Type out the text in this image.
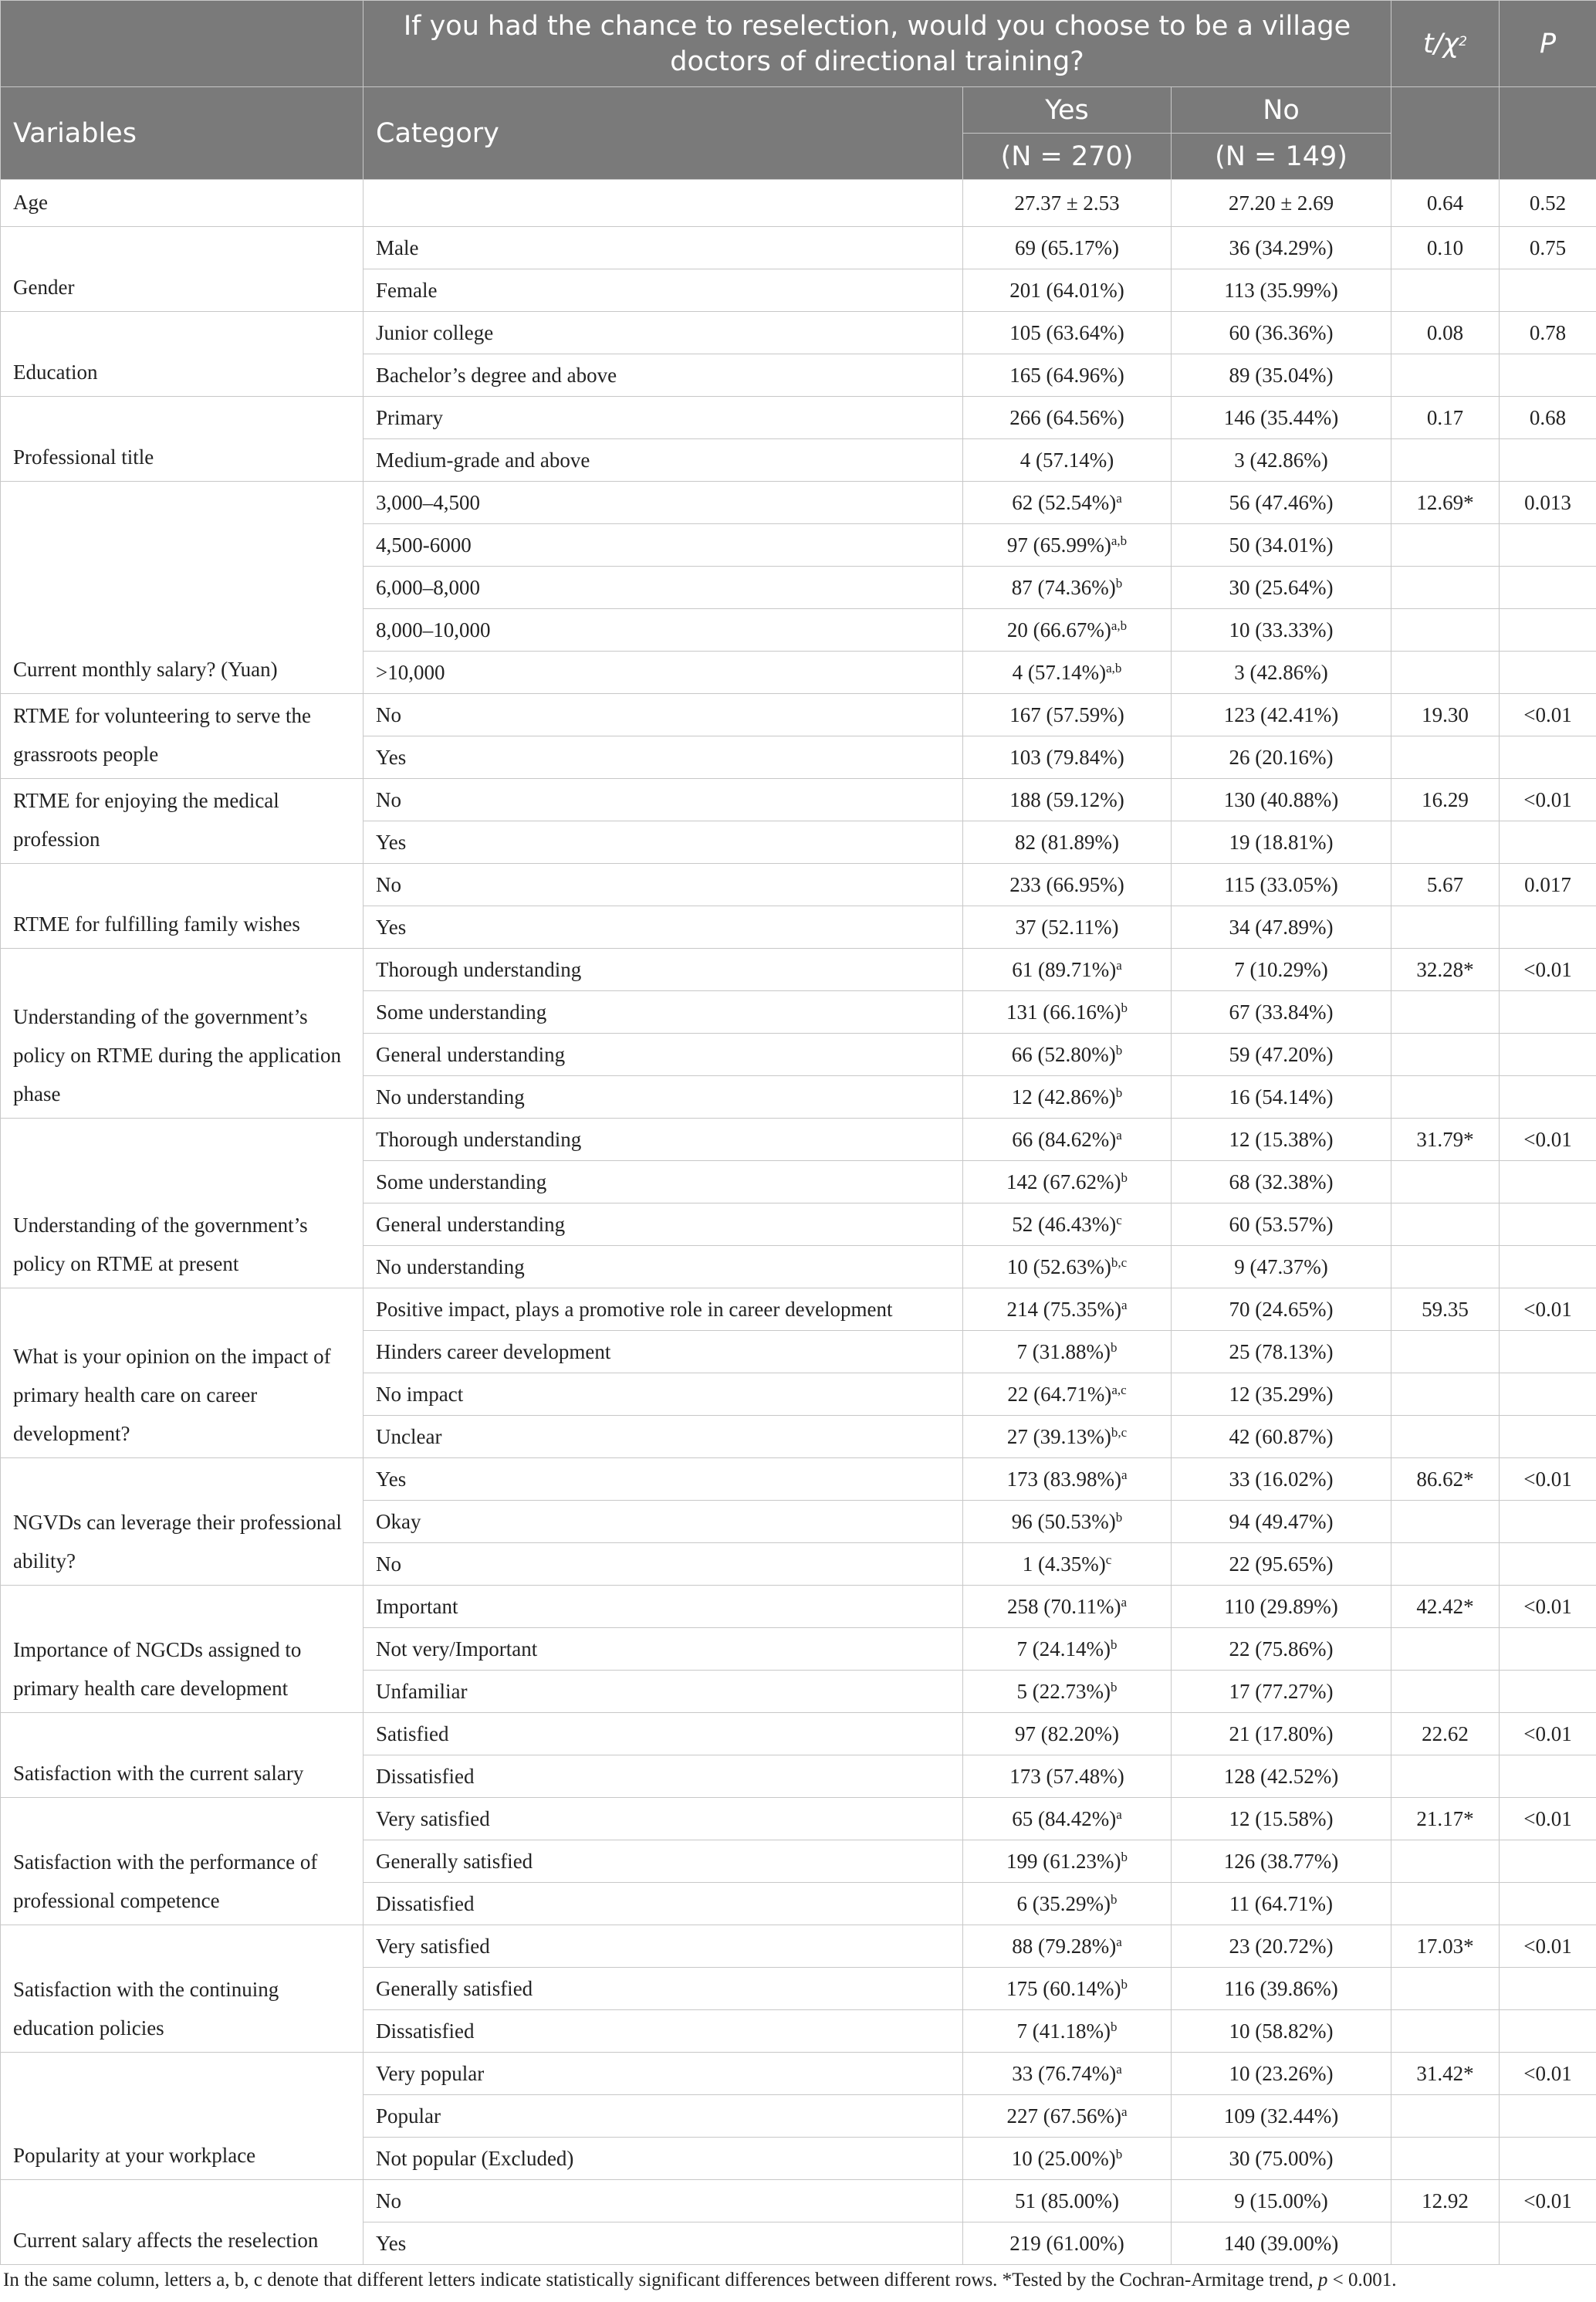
	If you had the chance to reselection, would you choose to be a village doctors of directional training?			$t/\chi^2$	P
Variables	Category	Yes	No		
		(N = 270)	(N = 149)		
Age		27.37 ± 2.53	27.20 ± 2.69	0.64	0.52
Gender	Male	69 (65.17%)	36 (34.29%)	0.10	0.75
	Female	201 (64.01%)	113 (35.99%)		
Education	Junior college	105 (63.64%)	60 (36.36%)	0.08	0.78
	Bachelor’s degree and above	165 (64.96%)	89 (35.04%)		
Professional title	Primary	266 (64.56%)	146 (35.44%)	0.17	0.68
	Medium-grade and above	4 (57.14%)	3 (42.86%)		
Current monthly salary? (Yuan)	3,000–4,500	62 $(52.54\%)^a$	56 (47.46%)	12.69*	0.013
	4,500-6000	97 $(65.99\%)^{a,b}$	50 (34.01%)		
	6,000–8,000	87 $(74.36\%)^b$	30 (25.64%)		
	8,000–10,000	20 $(66.67\%)^{a,b}$	10 (33.33%)		
	>10,000	4 $(57.14\%)^{a,b}$	3 (42.86%)		
RTME for volunteering to serve the grassroots people	No	167 (57.59%)	123 (42.41%)	19.30	<0.01
	Yes	103 (79.84%)	26 (20.16%)		
RTME for enjoying the medical profession	No	188 (59.12%)	130 (40.88%)	16.29	<0.01
	Yes	82 (81.89%)	19 (18.81%)		
RTME for fulfilling family wishes	No	233 (66.95%)	115 (33.05%)	5.67	0.017
	Yes	37 (52.11%)	34 (47.89%)		
Understanding of the government’s policy on RTME during the application phase	Thorough understanding	61 $(89.71\%)^a$	7 (10.29%)	32.28*	<0.01
	Some understanding	131 $(66.16\%)^b$	67 (33.84%)		
	General understanding	66 $(52.80\%)^b$	59 (47.20%)		
	No understanding	12 $(42.86\%)^b$	16 (54.14%)		
Understanding of the government’s policy on RTME at present	Thorough understanding	66 $(84.62\%)^a$	12 (15.38%)	31.79*	<0.01
	Some understanding	142 $(67.62\%)^b$	68 (32.38%)		
	General understanding	52 $(46.43\%)^c$	60 (53.57%)		
	No understanding	10 $(52.63\%)^{b,c}$	9 (47.37%)		
What is your opinion on the impact of primary health care on career development?	Positive impact, plays a promotive role in career development	214 $(75.35\%)^a$	70 (24.65%)	59.35	<0.01
	Hinders career development	7 $(31.88\%)^b$	25 (78.13%)		
	No impact	22 $(64.71\%)^{a,c}$	12 (35.29%)		
	Unclear	27 $(39.13\%)^{b,c}$	42 (60.87%)		
NGVDs can leverage their professional ability?	Yes	173 $(83.98\%)^a$	33 (16.02%)	86.62*	<0.01
	Okay	96 $(50.53\%)^b$	94 (49.47%)		
	No	1 $(4.35\%)^c$	22 (95.65%)		
Importance of NGCDs assigned to primary health care development	Important	258 $(70.11\%)^a$	110 (29.89%)	42.42*	<0.01
	Not very/Important	7 $(24.14\%)^b$	22 (75.86%)		
	Unfamiliar	5 $(22.73\%)^b$	17 (77.27%)		
Satisfaction with the current salary	Satisfied	97 (82.20%)	21 (17.80%)	22.62	<0.01
	Dissatisfied	173 (57.48%)	128 (42.52%)		
Satisfaction with the performance of professional competence	Very satisfied	65 $(84.42\%)^a$	12 (15.58%)	21.17*	<0.01
	Generally satisfied	199 $(61.23\%)^b$	126 (38.77%)		
	Dissatisfied	6 $(35.29\%)^b$	11 (64.71%)		
Satisfaction with the continuing education policies	Very satisfied	88 $(79.28\%)^a$	23 (20.72%)	17.03*	<0.01
	Generally satisfied	175 $(60.14\%)^b$	116 (39.86%)		
	Dissatisfied	7 $(41.18\%)^b$	10 (58.82%)		
Popularity at your workplace	Very popular	33 $(76.74\%)^a$	10 (23.26%)	31.42*	<0.01
	Popular	227 $(67.56\%)^a$	109 (32.44%)		
	Not popular (Excluded)	10 $(25.00\%)^b$	30 (75.00%)		
Current salary affects the reselection	No	51 (85.00%)	9 (15.00%)	12.92	<0.01
	Yes	219 (61.00%)	140 (39.00%)		
In the same column, letters a, b, c denote that different letters indicate statistically significant differences between different rows. *Tested by the Cochran-Armitage trend, p < 0.001.
